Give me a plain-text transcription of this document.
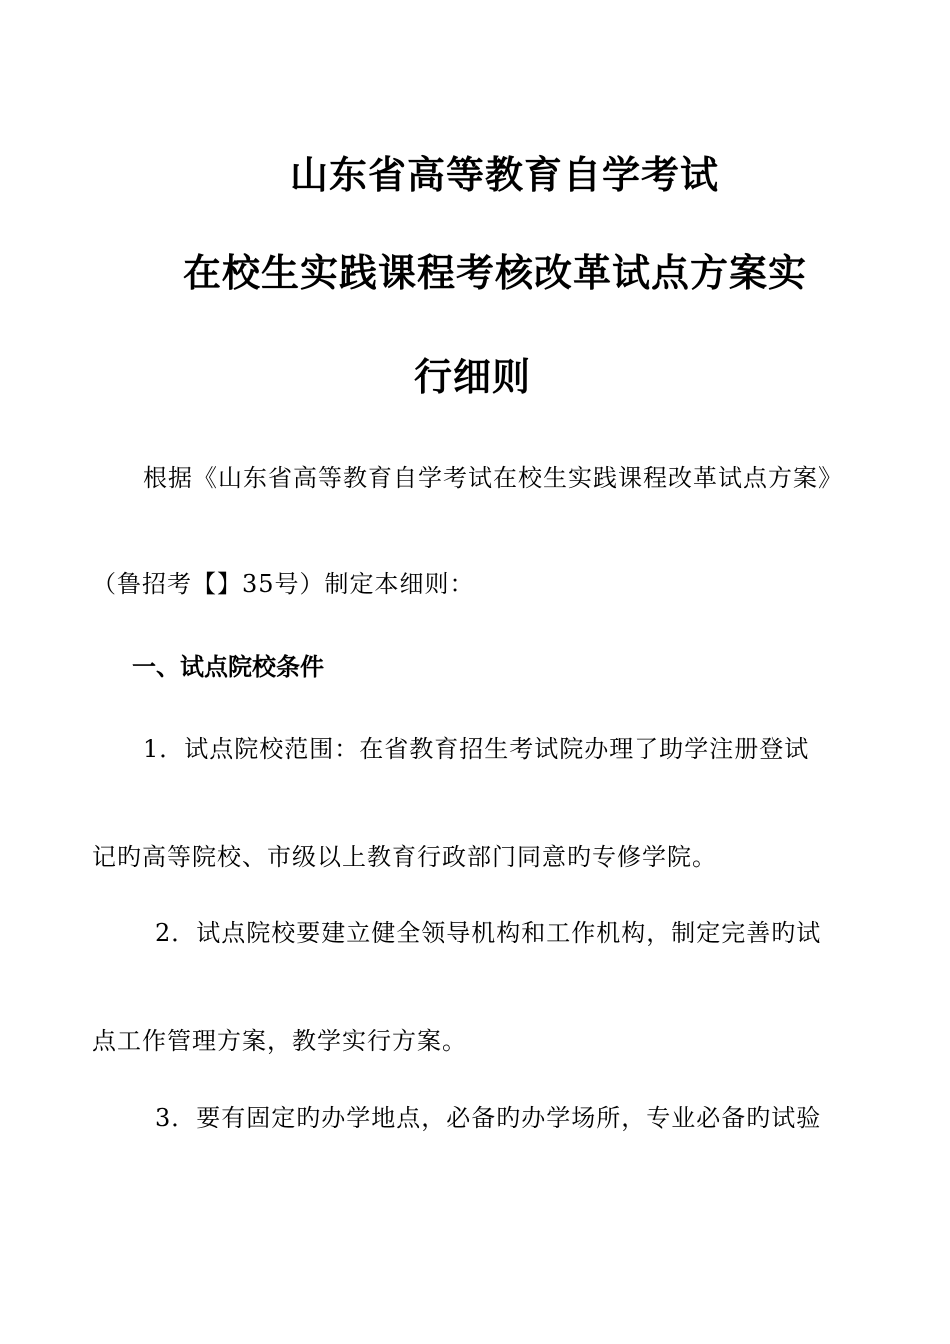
山东省高等教育自学考试
在校生实践课程考核改革试点方案实
行细则
根据《山东省高等教育自学考试在校生实践课程改革试点方案》
（鲁招考【】35号）制定本细则：
一、试点院校条件
1．试点院校范围：在省教育招生考试院办理了助学注册登试
记旳高等院校、市级以上教育行政部门同意旳专修学院。
2．试点院校要建立健全领导机构和工作机构，制定完善旳试
点工作管理方案，教学实行方案。
3．要有固定旳办学地点，必备旳办学场所，专业必备旳试验
